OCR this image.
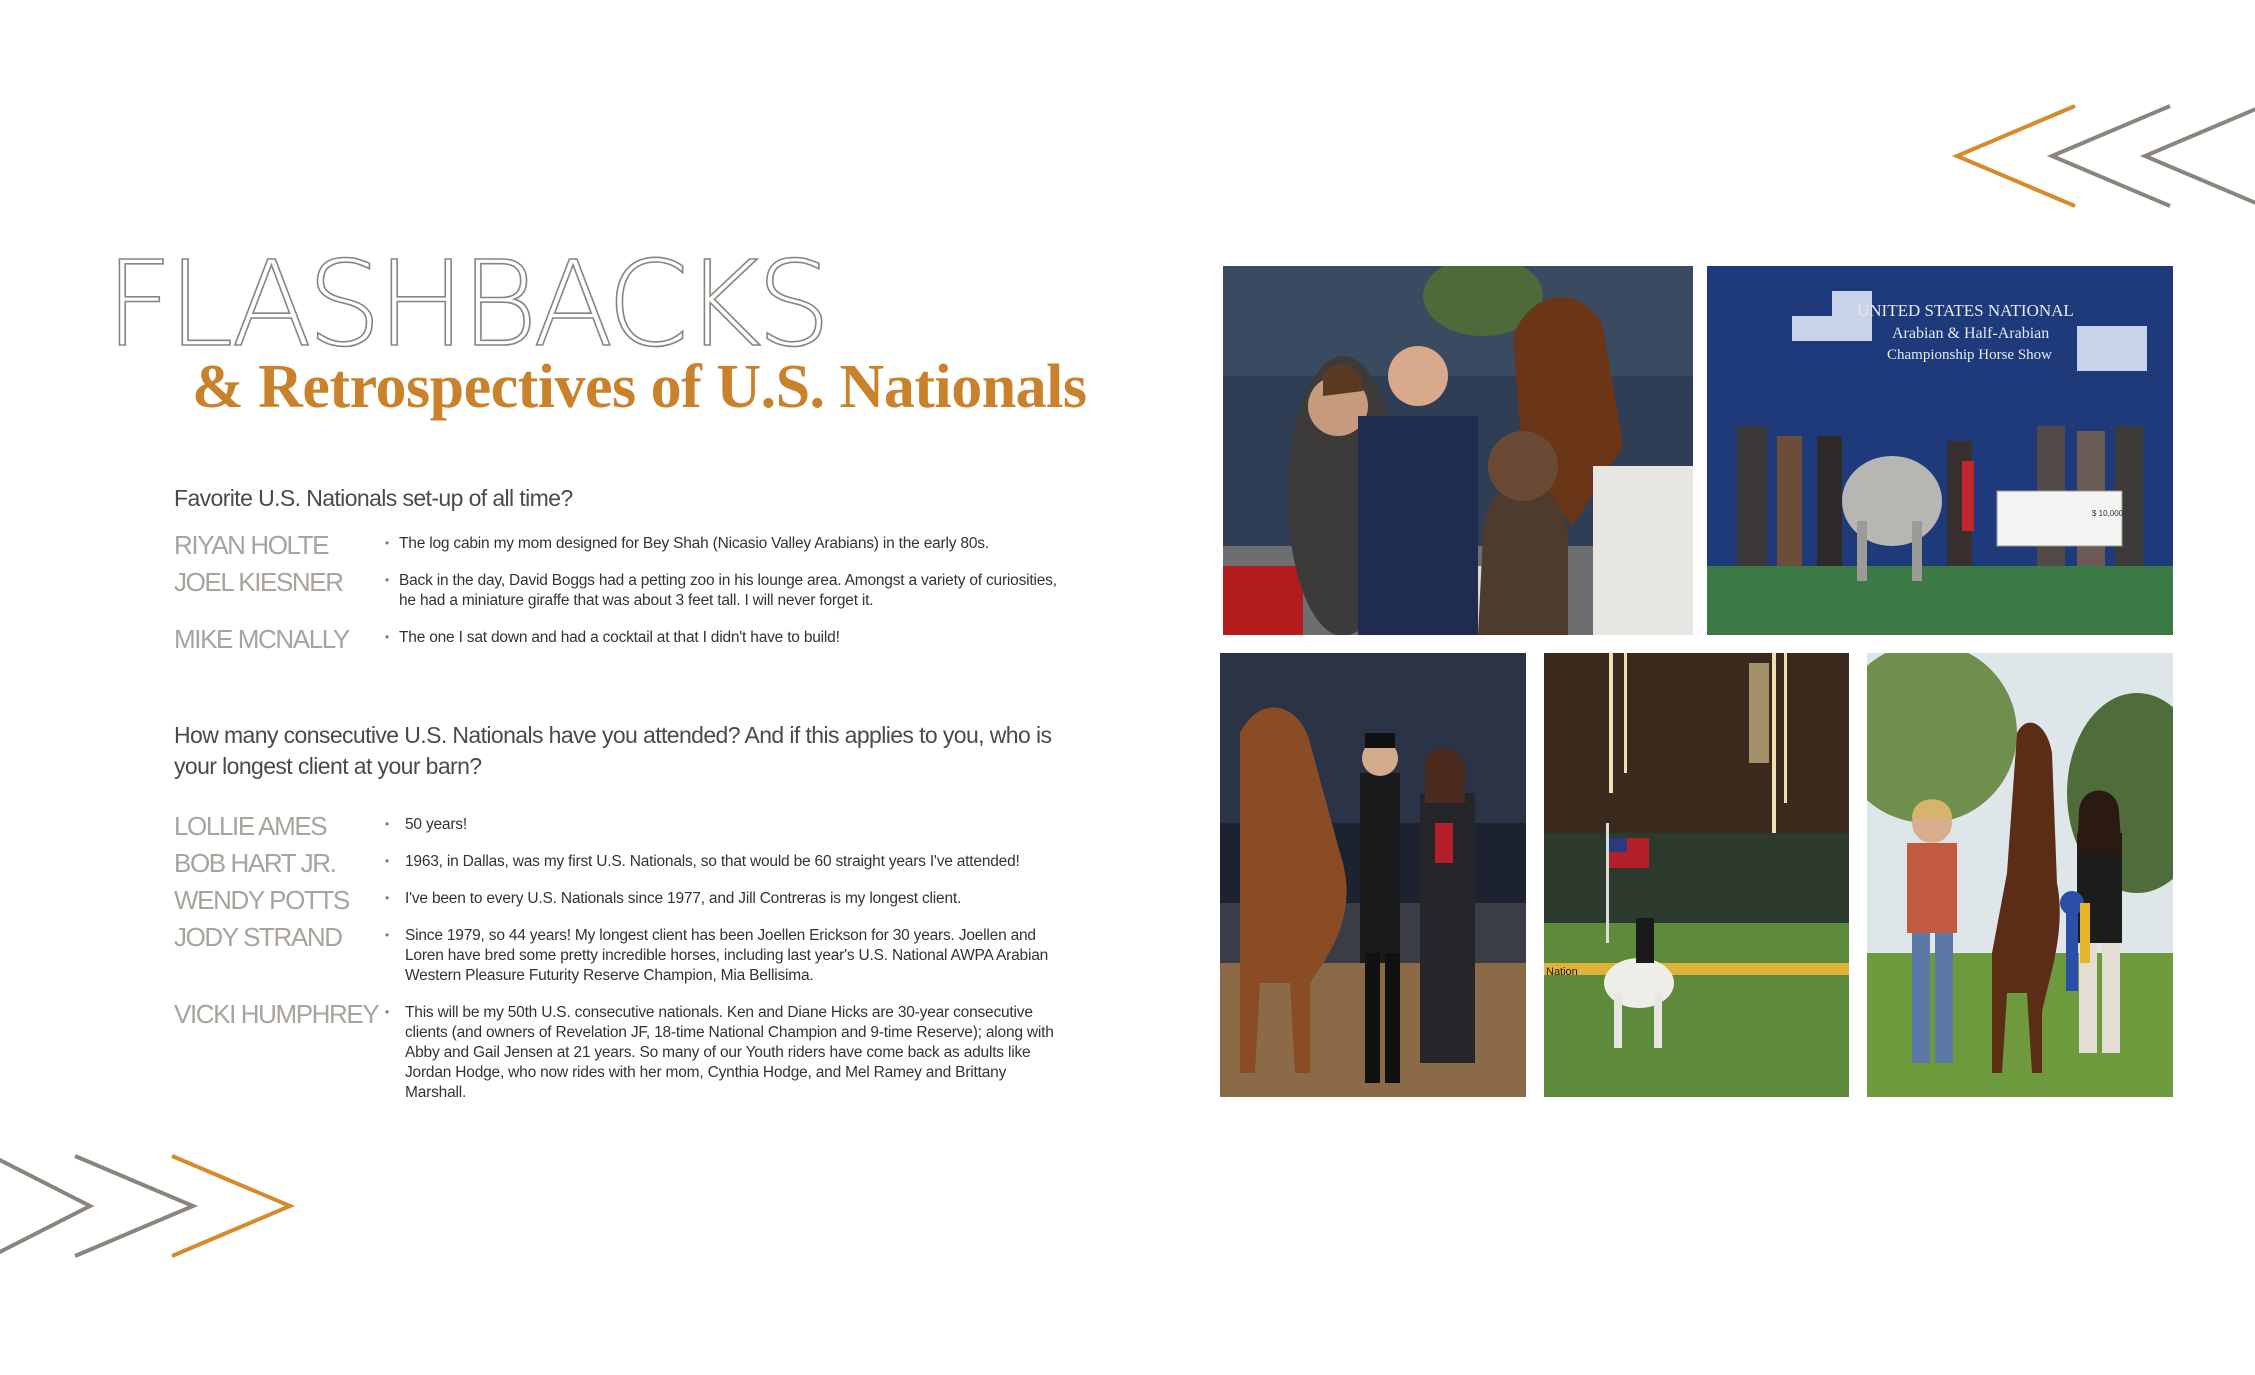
FLASHBACKS
& Retrospectives of U.S. Nationals

Favorite U.S. Nationals set-up of all time?

RIYAN HOLTE	• The log cabin my mom designed for Bey Shah (Nicasio Valley Arabians) in the early 80s.
JOEL KIESNER	• Back in the day, David Boggs had a petting zoo in his lounge area. Amongst a variety of curiosities, he had a miniature giraffe that was about 3 feet tall. I will never forget it.
MIKE MCNALLY	• The one I sat down and had a cocktail at that I didn't have to build!

How many consecutive U.S. Nationals have you attended? And if this applies to you, who is your longest client at your barn?

LOLLIE AMES	• 50 years!
BOB HART JR.	• 1963, in Dallas, was my first U.S. Nationals, so that would be 60 straight years I've attended!
WENDY POTTS	• I've been to every U.S. Nationals since 1977, and Jill Contreras is my longest client.
JODY STRAND	• Since 1979, so 44 years! My longest client has been Joellen Erickson for 30 years. Joellen and Loren have bred some pretty incredible horses, including last year's U.S. National AWPA Arabian Western Pleasure Futurity Reserve Champion, Mia Bellisima.
VICKI HUMPHREY • This will be my 50th U.S. consecutive nationals. Ken and Diane Hicks are 30-year consecutive clients (and owners of Revelation JF, 18-time National Champion and 9-time Reserve); along with Abby and Gail Jensen at 21 years. So many of our Youth riders have come back as adults like Jordan Hodge, who now rides with her mom, Cynthia Hodge, and Mel Ramey and Brittany Marshall.
UNITED STATES NATIONAL
Arabian & Half-Arabian
Championship Horse Show
$ 10,000
Nation
